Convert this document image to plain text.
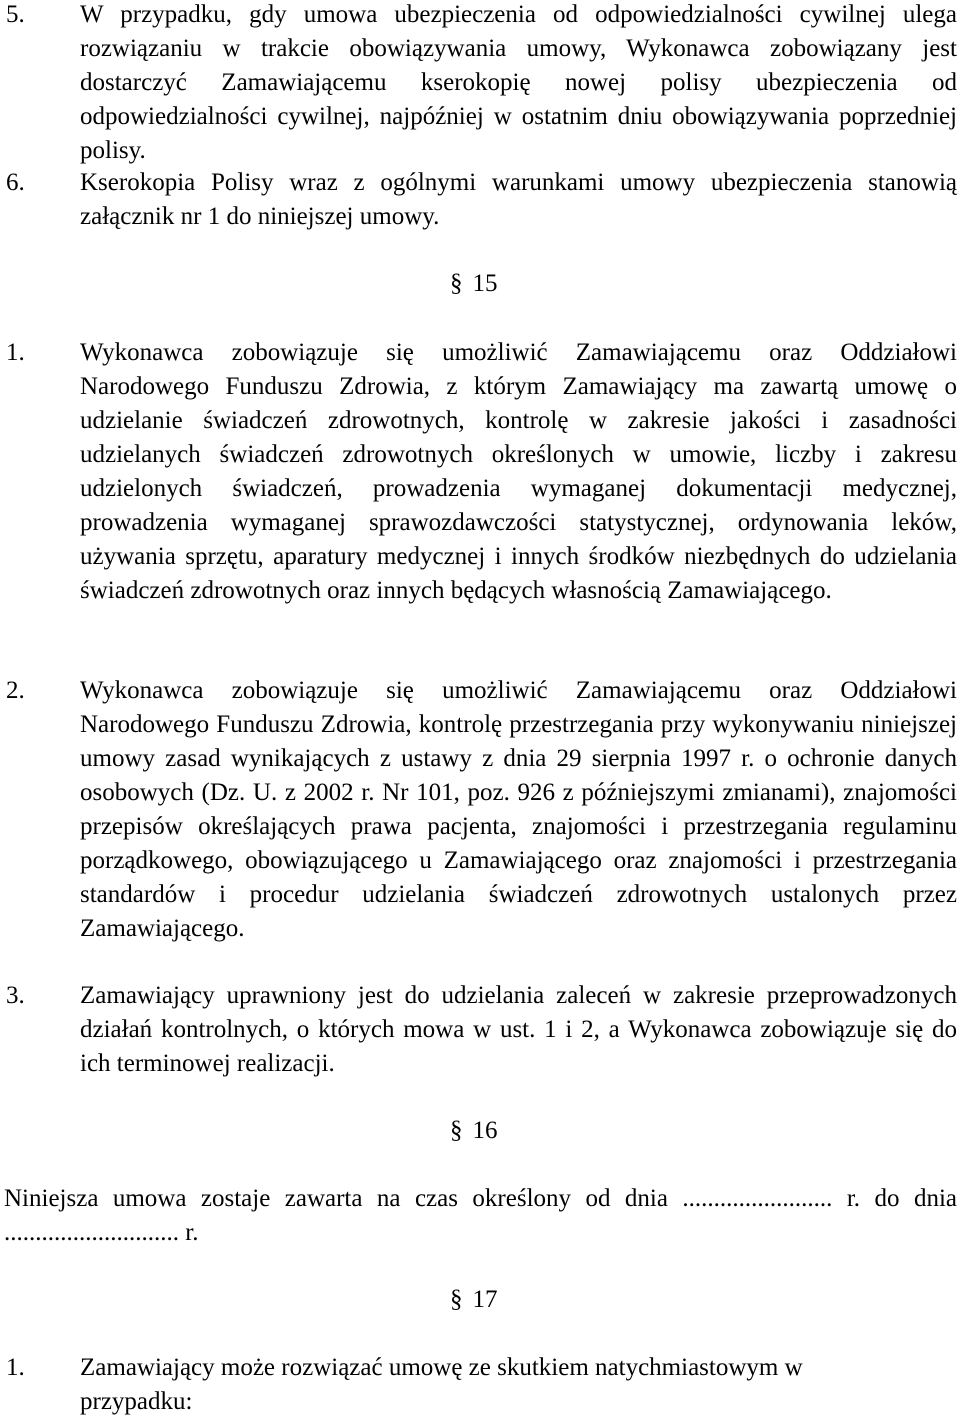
5. W przypadku, gdy umowa ubezpieczenia od odpowiedzialności cywilnej ulega rozwiązaniu w trakcie obowiązywania umowy, Wykonawca zobowiązany jest dostarczyć Zamawiającemu kserokopię nowej polisy ubezpieczenia od odpowiedzialności cywilnej, najpóźniej w ostatnim dniu obowiązywania poprzedniej polisy.
6. Kserokopia Polisy wraz z ogólnymi warunkami umowy ubezpieczenia stanowią załącznik nr 1 do niniejszej umowy.
§ 15
1. Wykonawca zobowiązuje się umożliwić Zamawiającemu oraz Oddziałowi Narodowego Funduszu Zdrowia, z którym Zamawiający ma zawartą umowę o udzielanie świadczeń zdrowotnych, kontrolę w zakresie jakości i zasadności udzielanych świadczeń zdrowotnych określonych w umowie, liczby i zakresu udzielonych świadczeń, prowadzenia wymaganej dokumentacji medycznej, prowadzenia wymaganej sprawozdawczości statystycznej, ordynowania leków, używania sprzętu, aparatury medycznej i innych środków niezbędnych do udzielania świadczeń zdrowotnych oraz innych będących własnością Zamawiającego.
2. Wykonawca zobowiązuje się umożliwić Zamawiającemu oraz Oddziałowi Narodowego Funduszu Zdrowia, kontrolę przestrzegania przy wykonywaniu niniejszej umowy zasad wynikających z ustawy z dnia 29 sierpnia 1997 r. o ochronie danych osobowych (Dz. U. z 2002 r. Nr 101, poz. 926 z późniejszymi zmianami), znajomości przepisów określających prawa pacjenta, znajomości i przestrzegania regulaminu porządkowego, obowiązującego u Zamawiającego oraz znajomości i przestrzegania standardów i procedur udzielania świadczeń zdrowotnych ustalonych przez Zamawiającego.
3. Zamawiający uprawniony jest do udzielania zaleceń w zakresie przeprowadzonych działań kontrolnych, o których mowa w ust. 1 i 2, a Wykonawca zobowiązuje się do ich terminowej realizacji.
§ 16
Niniejsza umowa zostaje zawarta na czas określony od dnia ........................ r. do dnia ............................ r.
§ 17
1. Zamawiający może rozwiązać umowę ze skutkiem natychmiastowym w przypadku:
